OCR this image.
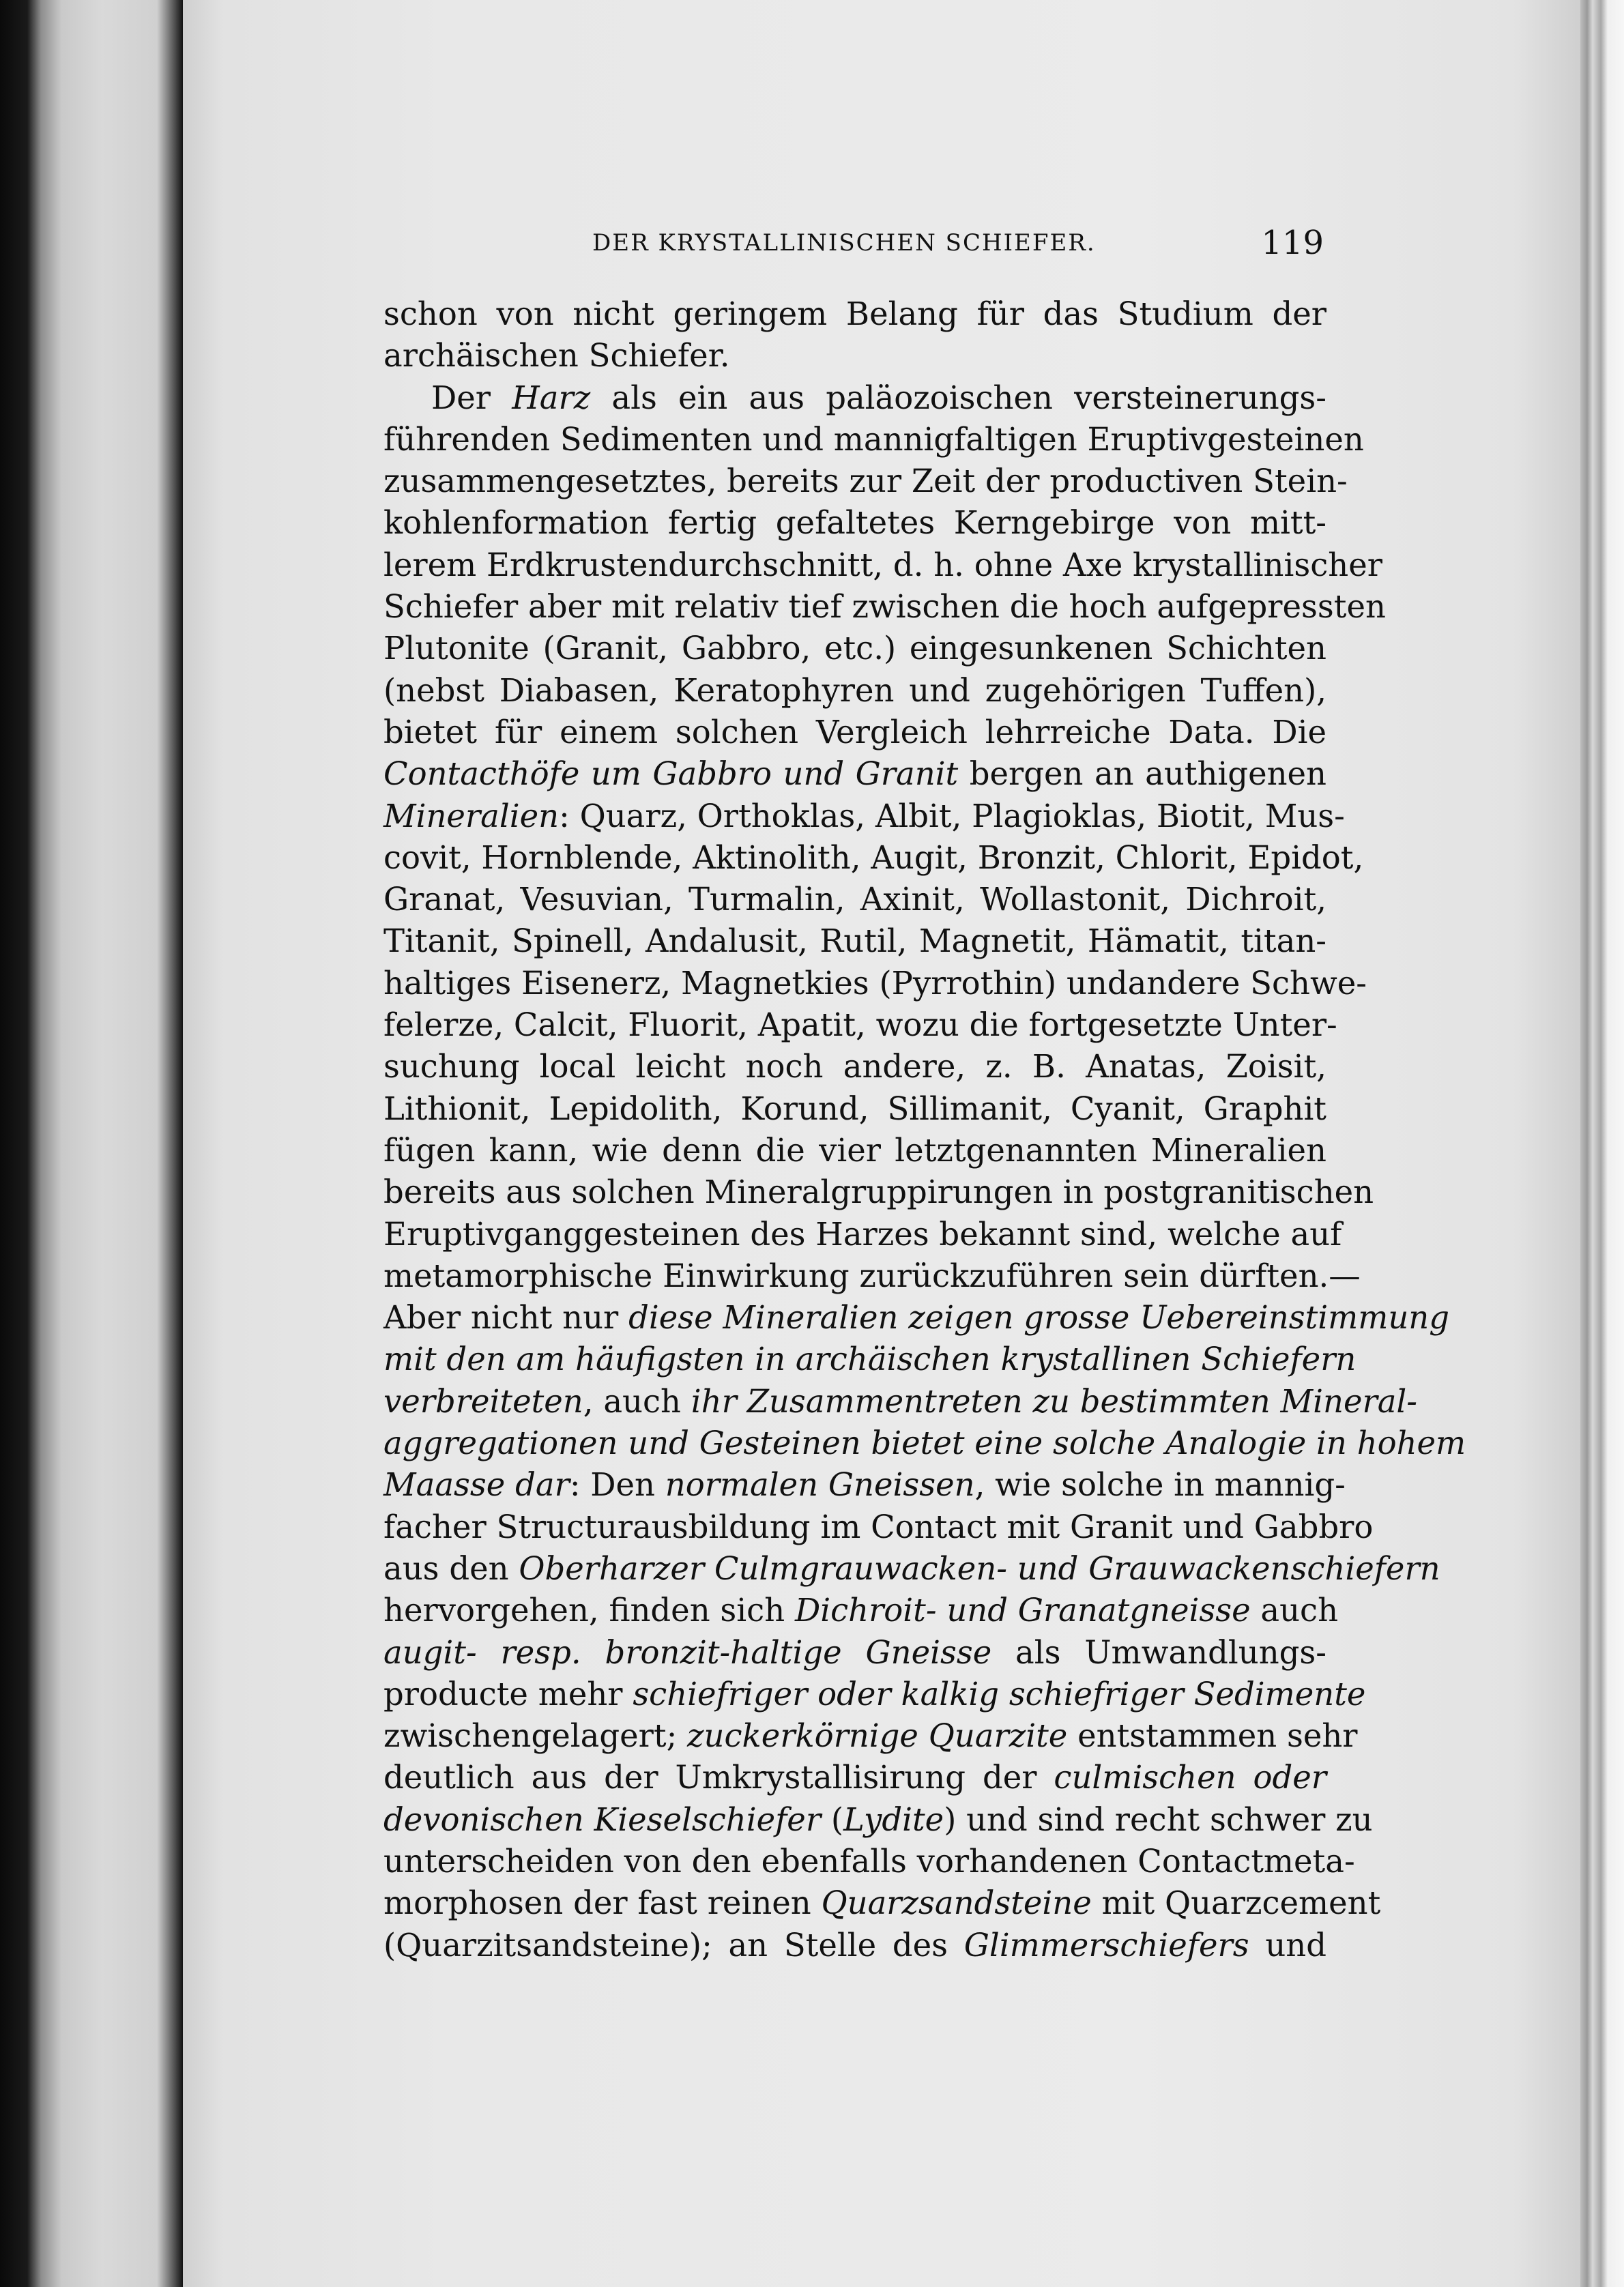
DER KRYSTALLINISCHEN SCHIEFER.	119
schon von nicht geringem Belang für das Studium der
archäischen Schiefer.
Der Harz als ein aus paläozoischen versteinerungs-
führenden Sedimenten und mannigfaltigen Eruptivgesteinen
zusammengesetztes, bereits zur Zeit der productiven Stein-
kohlenformation fertig gefaltetes Kerngebirge von mitt-
lerem Erdkrustendurchschnitt, d. h. ohne Axe krystallinischer
Schiefer aber mit relativ tief zwischen die hoch aufgepressten
Plutonite (Granit, Gabbro, etc.) eingesunkenen Schichten
(nebst Diabasen, Keratophyren und zugehörigen Tuffen),
bietet für einem solchen Vergleich lehrreiche Data. Die
Contacthöfe um Gabbro und Granit bergen an authigenen
Mineralien: Quarz, Orthoklas, Albit, Plagioklas, Biotit, Mus-
covit, Hornblende, Aktinolith, Augit, Bronzit, Chlorit, Epidot,
Granat, Vesuvian, Turmalin, Axinit, Wollastonit, Dichroit,
Titanit, Spinell, Andalusit, Rutil, Magnetit, Hämatit, titan-
haltiges Eisenerz, Magnetkies (Pyrrothin) undandere Schwe-
felerze, Calcit, Fluorit, Apatit, wozu die fortgesetzte Unter-
suchung local leicht noch andere, z. B. Anatas, Zoisit,
Lithionit, Lepidolith, Korund, Sillimanit, Cyanit, Graphit
fügen kann, wie denn die vier letztgenannten Mineralien
bereits aus solchen Mineralgruppirungen in postgranitischen
Eruptivganggesteinen des Harzes bekannt sind, welche auf
metamorphische Einwirkung zurückzuführen sein dürften.—
Aber nicht nur diese Mineralien zeigen grosse Uebereinstimmung
mit den am häufigsten in archäischen krystallinen Schiefern
verbreiteten, auch ihr Zusammentreten zu bestimmten Mineral-
aggregationen und Gesteinen bietet eine solche Analogie in hohem
Maasse dar: Den normalen Gneissen, wie solche in mannig-
facher Structurausbildung im Contact mit Granit und Gabbro
aus den Oberharzer Culmgrauwacken- und Grauwackenschiefern
hervorgehen, finden sich Dichroit- und Granatgneisse auch
augit- resp. bronzit-haltige Gneisse als Umwandlungs-
producte mehr schiefriger oder kalkig schiefriger Sedimente
zwischengelagert; zuckerkörnige Quarzite entstammen sehr
deutlich aus der Umkrystallisirung der culmischen oder
devonischen Kieselschiefer (Lydite) und sind recht schwer zu
unterscheiden von den ebenfalls vorhandenen Contactmeta-
morphosen der fast reinen Quarzsandsteine mit Quarzcement
(Quarzitsandsteine); an Stelle des Glimmerschiefers und
